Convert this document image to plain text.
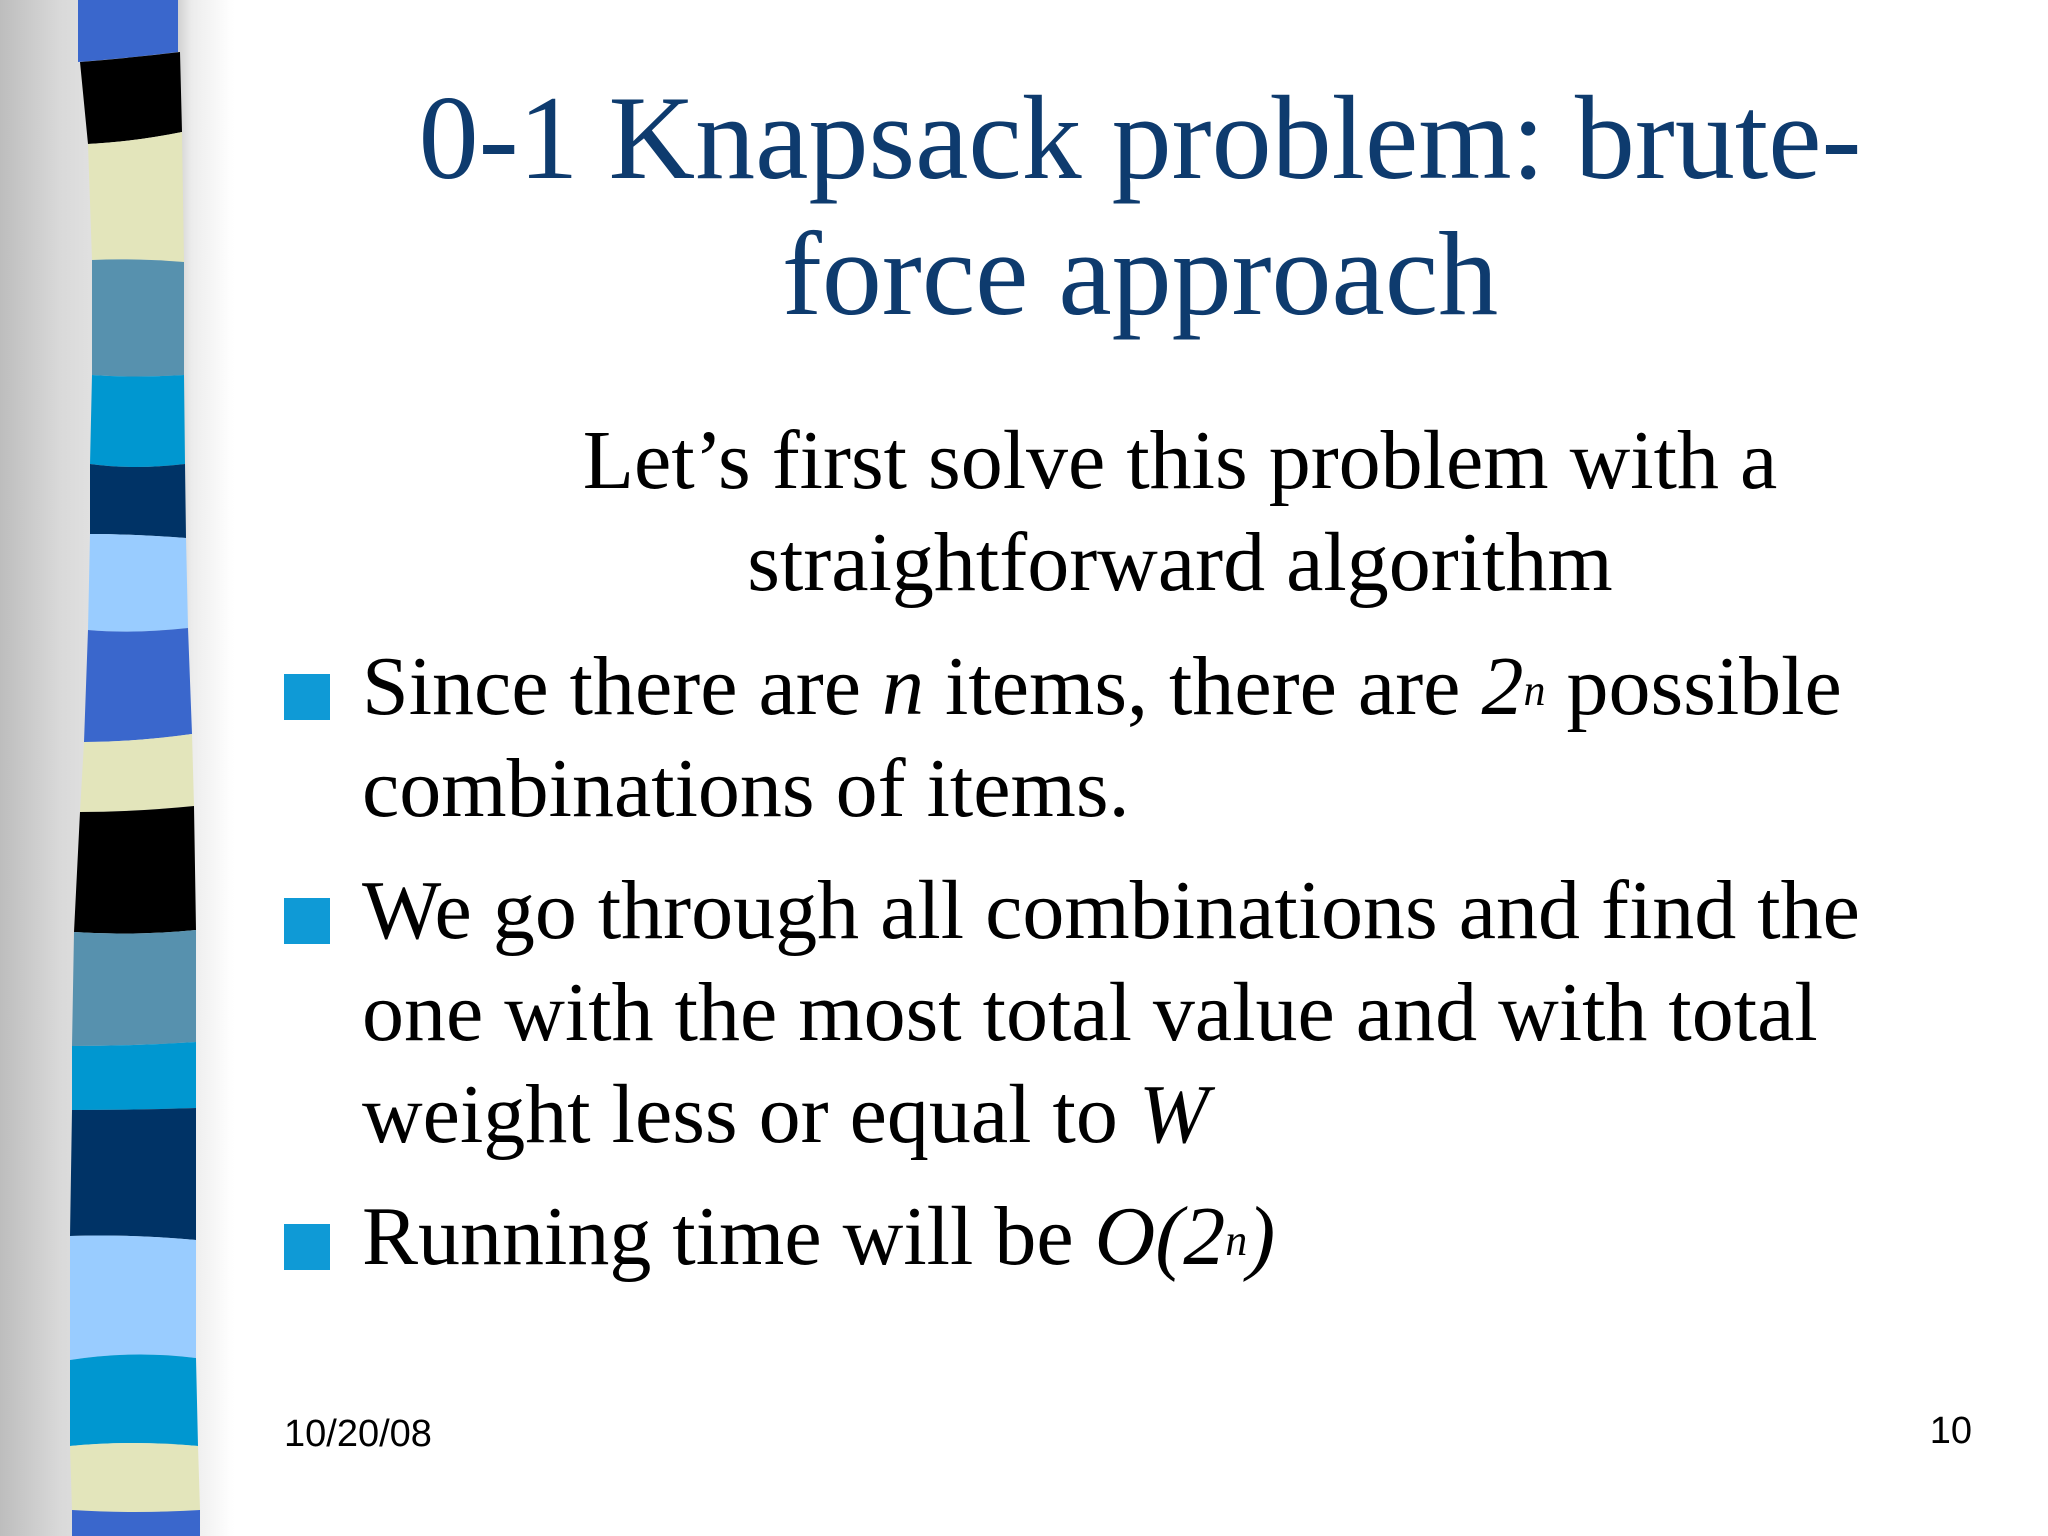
0-1 Knapsack problem: brute-
force approach
Let’s first solve this problem with a
straightforward algorithm
Since there are n items, there are 2$^n$ possible combinations of items.
We go through all combinations and find the one with the most total value and with total weight less or equal to W
Running time will be O(2$^n$)
10/20/08	10
